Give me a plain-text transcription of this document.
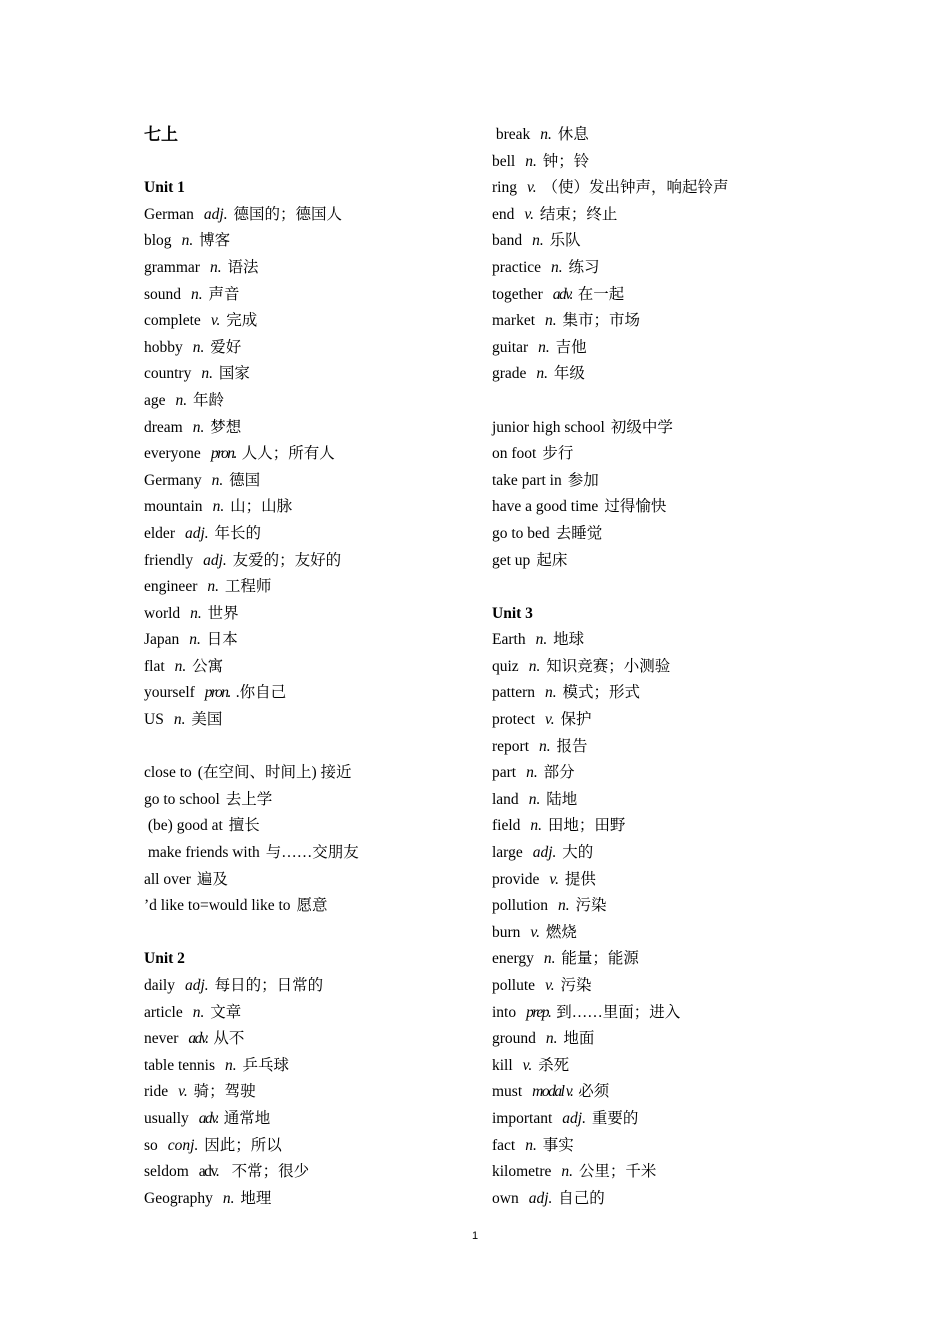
七上
Unit 1
German adj. 德国的；德国人
blog n. 博客
grammar n. 语法
sound n. 声音
complete v. 完成
hobby n. 爱好
country n. 国家
age n. 年龄
dream n. 梦想
everyone pron. 人人；所有人
Germany n. 德国
mountain n. 山；山脉
elder adj. 年长的
friendly adj. 友爱的；友好的
engineer n. 工程师
world n. 世界
Japan n. 日本
flat n. 公寓
yourself pron. .你自己
US n. 美国
close to (在空间、时间上) 接近
go to school 去上学
(be) good at 擅长
make friends with 与……交朋友
all over 遍及
’d like to=would like to 愿意
Unit 2
daily adj. 每日的；日常的
article n. 文章
never adv. 从不
table tennis n. 乒乓球
ride v. 骑；驾驶
usually adv. 通常地
so conj. 因此；所以
seldom adv.   不常；很少
Geography n. 地理
break n. 休息
bell n. 钟；铃
ring v. （使）发出钟声，响起铃声
end v. 结束；终止
band n. 乐队
practice n. 练习
together adv. 在一起
market n. 集市；市场
guitar n. 吉他
grade n. 年级
junior high school 初级中学
on foot 步行
take part in 参加
have a good time 过得愉快
go to bed 去睡觉
get up 起床
Unit 3
Earth n. 地球
quiz n. 知识竞赛；小测验
pattern n. 模式；形式
protect v. 保护
report n. 报告
part n. 部分
land n. 陆地
field n. 田地；田野
large adj. 大的
provide v. 提供
pollution n. 污染
burn v. 燃烧
energy n. 能量；能源
pollute v. 污染
into prep. 到……里面；进入
ground n. 地面
kill v. 杀死
must modal v. 必须
important adj. 重要的
fact n. 事实
kilometre n. 公里；千米
own adj. 自己的
1
